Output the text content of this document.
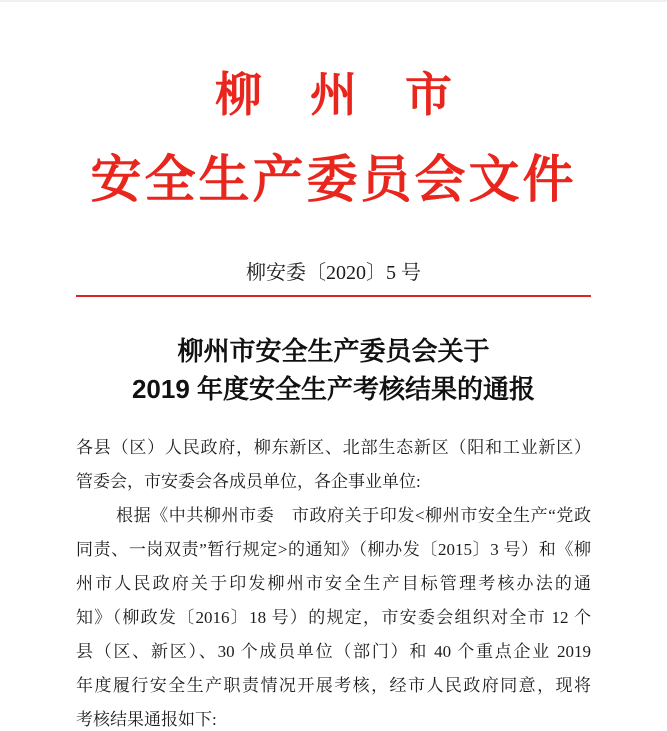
柳州市
安全生产委员会文件
柳安委〔2020〕5 号
柳州市安全生产委员会关于
2019 年度安全生产考核结果的通报
各县（区）人民政府，柳东新区、北部生态新区（阳和工业新区）
管委会，市安委会各成员单位，各企事业单位:
根据《中共柳州市委　市政府关于印发<柳州市安全生产“党政
同责、一岗双责”暂行规定>的通知》（柳办发〔2015〕3 号）和《柳
州市人民政府关于印发柳州市安全生产目标管理考核办法的通
知》（柳政发〔2016〕18 号）的规定，市安委会组织对全市 12 个
县（区、新区）、30 个成员单位（部门）和 40 个重点企业 2019
年度履行安全生产职责情况开展考核，经市人民政府同意，现将
考核结果通报如下:
